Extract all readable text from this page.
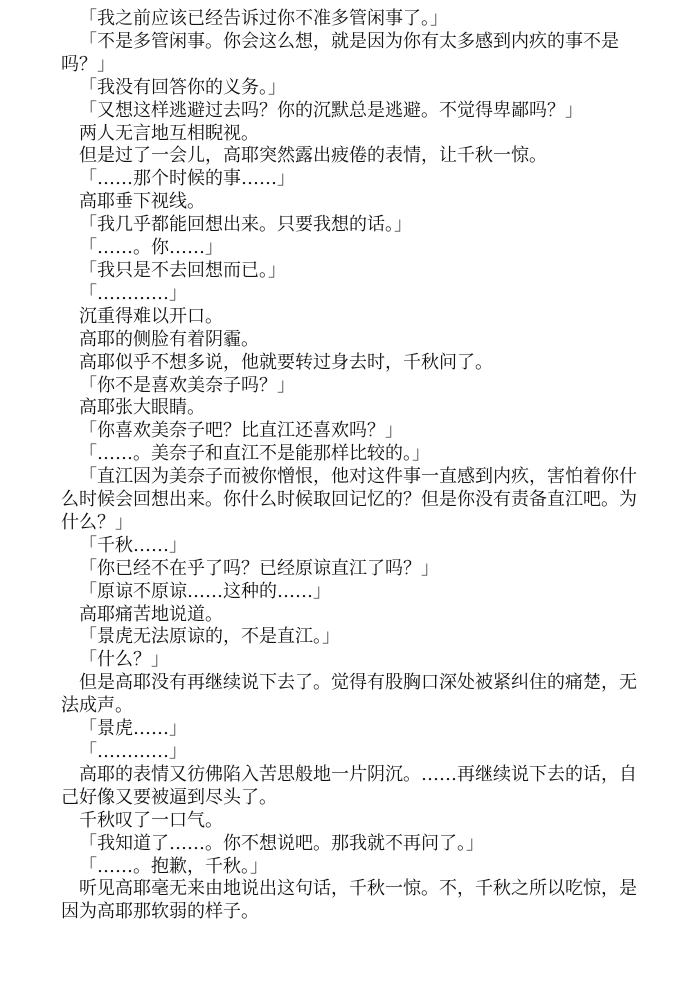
「我之前应该已经告诉过你不准多管闲事了。」

「不是多管闲事。你会这么想，就是因为你有太多感到内疚的事不是吗？」

「我没有回答你的义务。」

「又想这样逃避过去吗？你的沉默总是逃避。不觉得卑鄙吗？」

两人无言地互相睨视。

但是过了一会儿，高耶突然露出疲倦的表情，让千秋一惊。

「……那个时候的事……」

高耶垂下视线。

「我几乎都能回想出来。只要我想的话。」

「……。你……」

「我只是不去回想而已。」

「…………」

沉重得难以开口。

高耶的侧脸有着阴霾。

高耶似乎不想多说，他就要转过身去时，千秋问了。

「你不是喜欢美奈子吗？」

高耶张大眼睛。

「你喜欢美奈子吧？比直江还喜欢吗？」

「……。美奈子和直江不是能那样比较的。」

「直江因为美奈子而被你憎恨，他对这件事一直感到内疚，害怕着你什么时候会回想出来。你什么时候取回记忆的？但是你没有责备直江吧。为什么？」

「千秋……」

「你已经不在乎了吗？已经原谅直江了吗？」

「原谅不原谅……这种的……」

高耶痛苦地说道。

「景虎无法原谅的，不是直江。」

「什么？」

但是高耶没有再继续说下去了。觉得有股胸口深处被紧纠住的痛楚，无法成声。

「景虎……」

「…………」

高耶的表情又彷佛陷入苦思般地一片阴沉。……再继续说下去的话，自己好像又要被逼到尽头了。

千秋叹了一口气。

「我知道了……。你不想说吧。那我就不再问了。」

「……。抱歉，千秋。」

听见高耶毫无来由地说出这句话，千秋一惊。不，千秋之所以吃惊，是因为高耶那软弱的样子。
